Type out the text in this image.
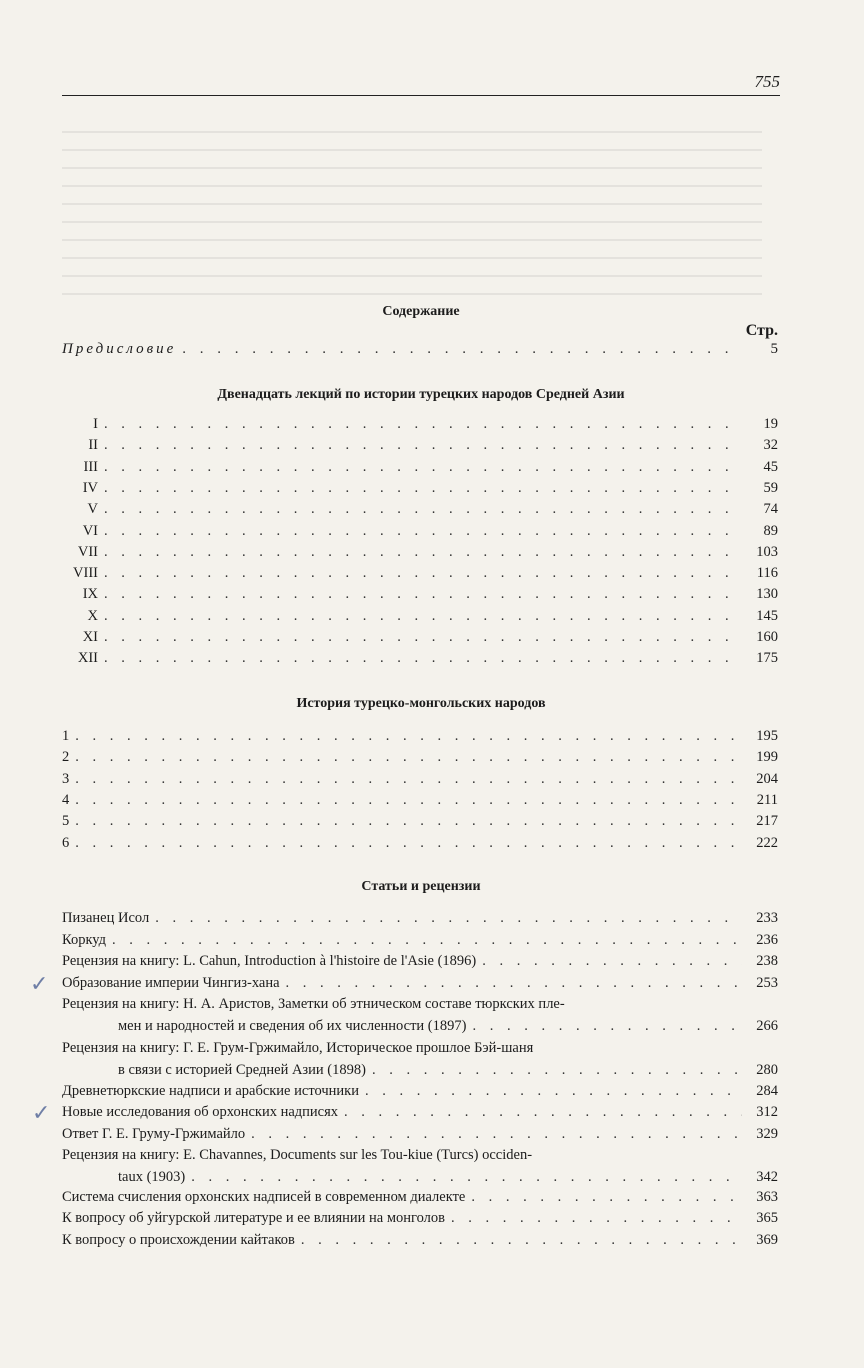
755
Содержание
Стр.
Предисловие . . .	5
Двенадцать лекций по истории турецких народов Средней Азии
I . . .	19
II . . .	32
III . . .	45
IV . . .	59
V . . .	74
VI . . .	89
VII . . .	103
VIII . . .	116
IX . . .	130
X . . .	145
XI . . .	160
XII . . .	175
История турецко-монгольских народов
1 . . .	195
2 . . .	199
3 . . .	204
4 . . .	211
5 . . .	217
6 . . .	222
Статьи и рецензии
Пизанец Исол . . .	233
Коркуд . . .	236
Рецензия на книгу: L. Cahun, Introduction à l'histoire de l'Asie (1896) . . .	238
Образование империи Чингиз-хана . . .	253
Рецензия на книгу: Н. А. Аристов, Заметки об этническом составе тюркских пле-
мен и народностей и сведения об их численности (1897) . . .	266
Рецензия на книгу: Г. Е. Грум-Гржимайло, Историческое прошлое Бэй-шаня
в связи с историей Средней Азии (1898) . . .	280
Древнетюркские надписи и арабские источники . . .	284
Новые исследования об орхонских надписях . . .	312
Ответ Г. Е. Груму-Гржимайло . . .	329
Рецензия на книгу: E. Chavannes, Documents sur les Tou-kiue (Turcs) occiden-
taux (1903) . . .	342
Система счисления орхонских надписей в современном диалекте . . .	363
К вопросу об уйгурской литературе и ее влиянии на монголов . . .	365
К вопросу о происхождении кайтаков . . .	369
✓
✓
